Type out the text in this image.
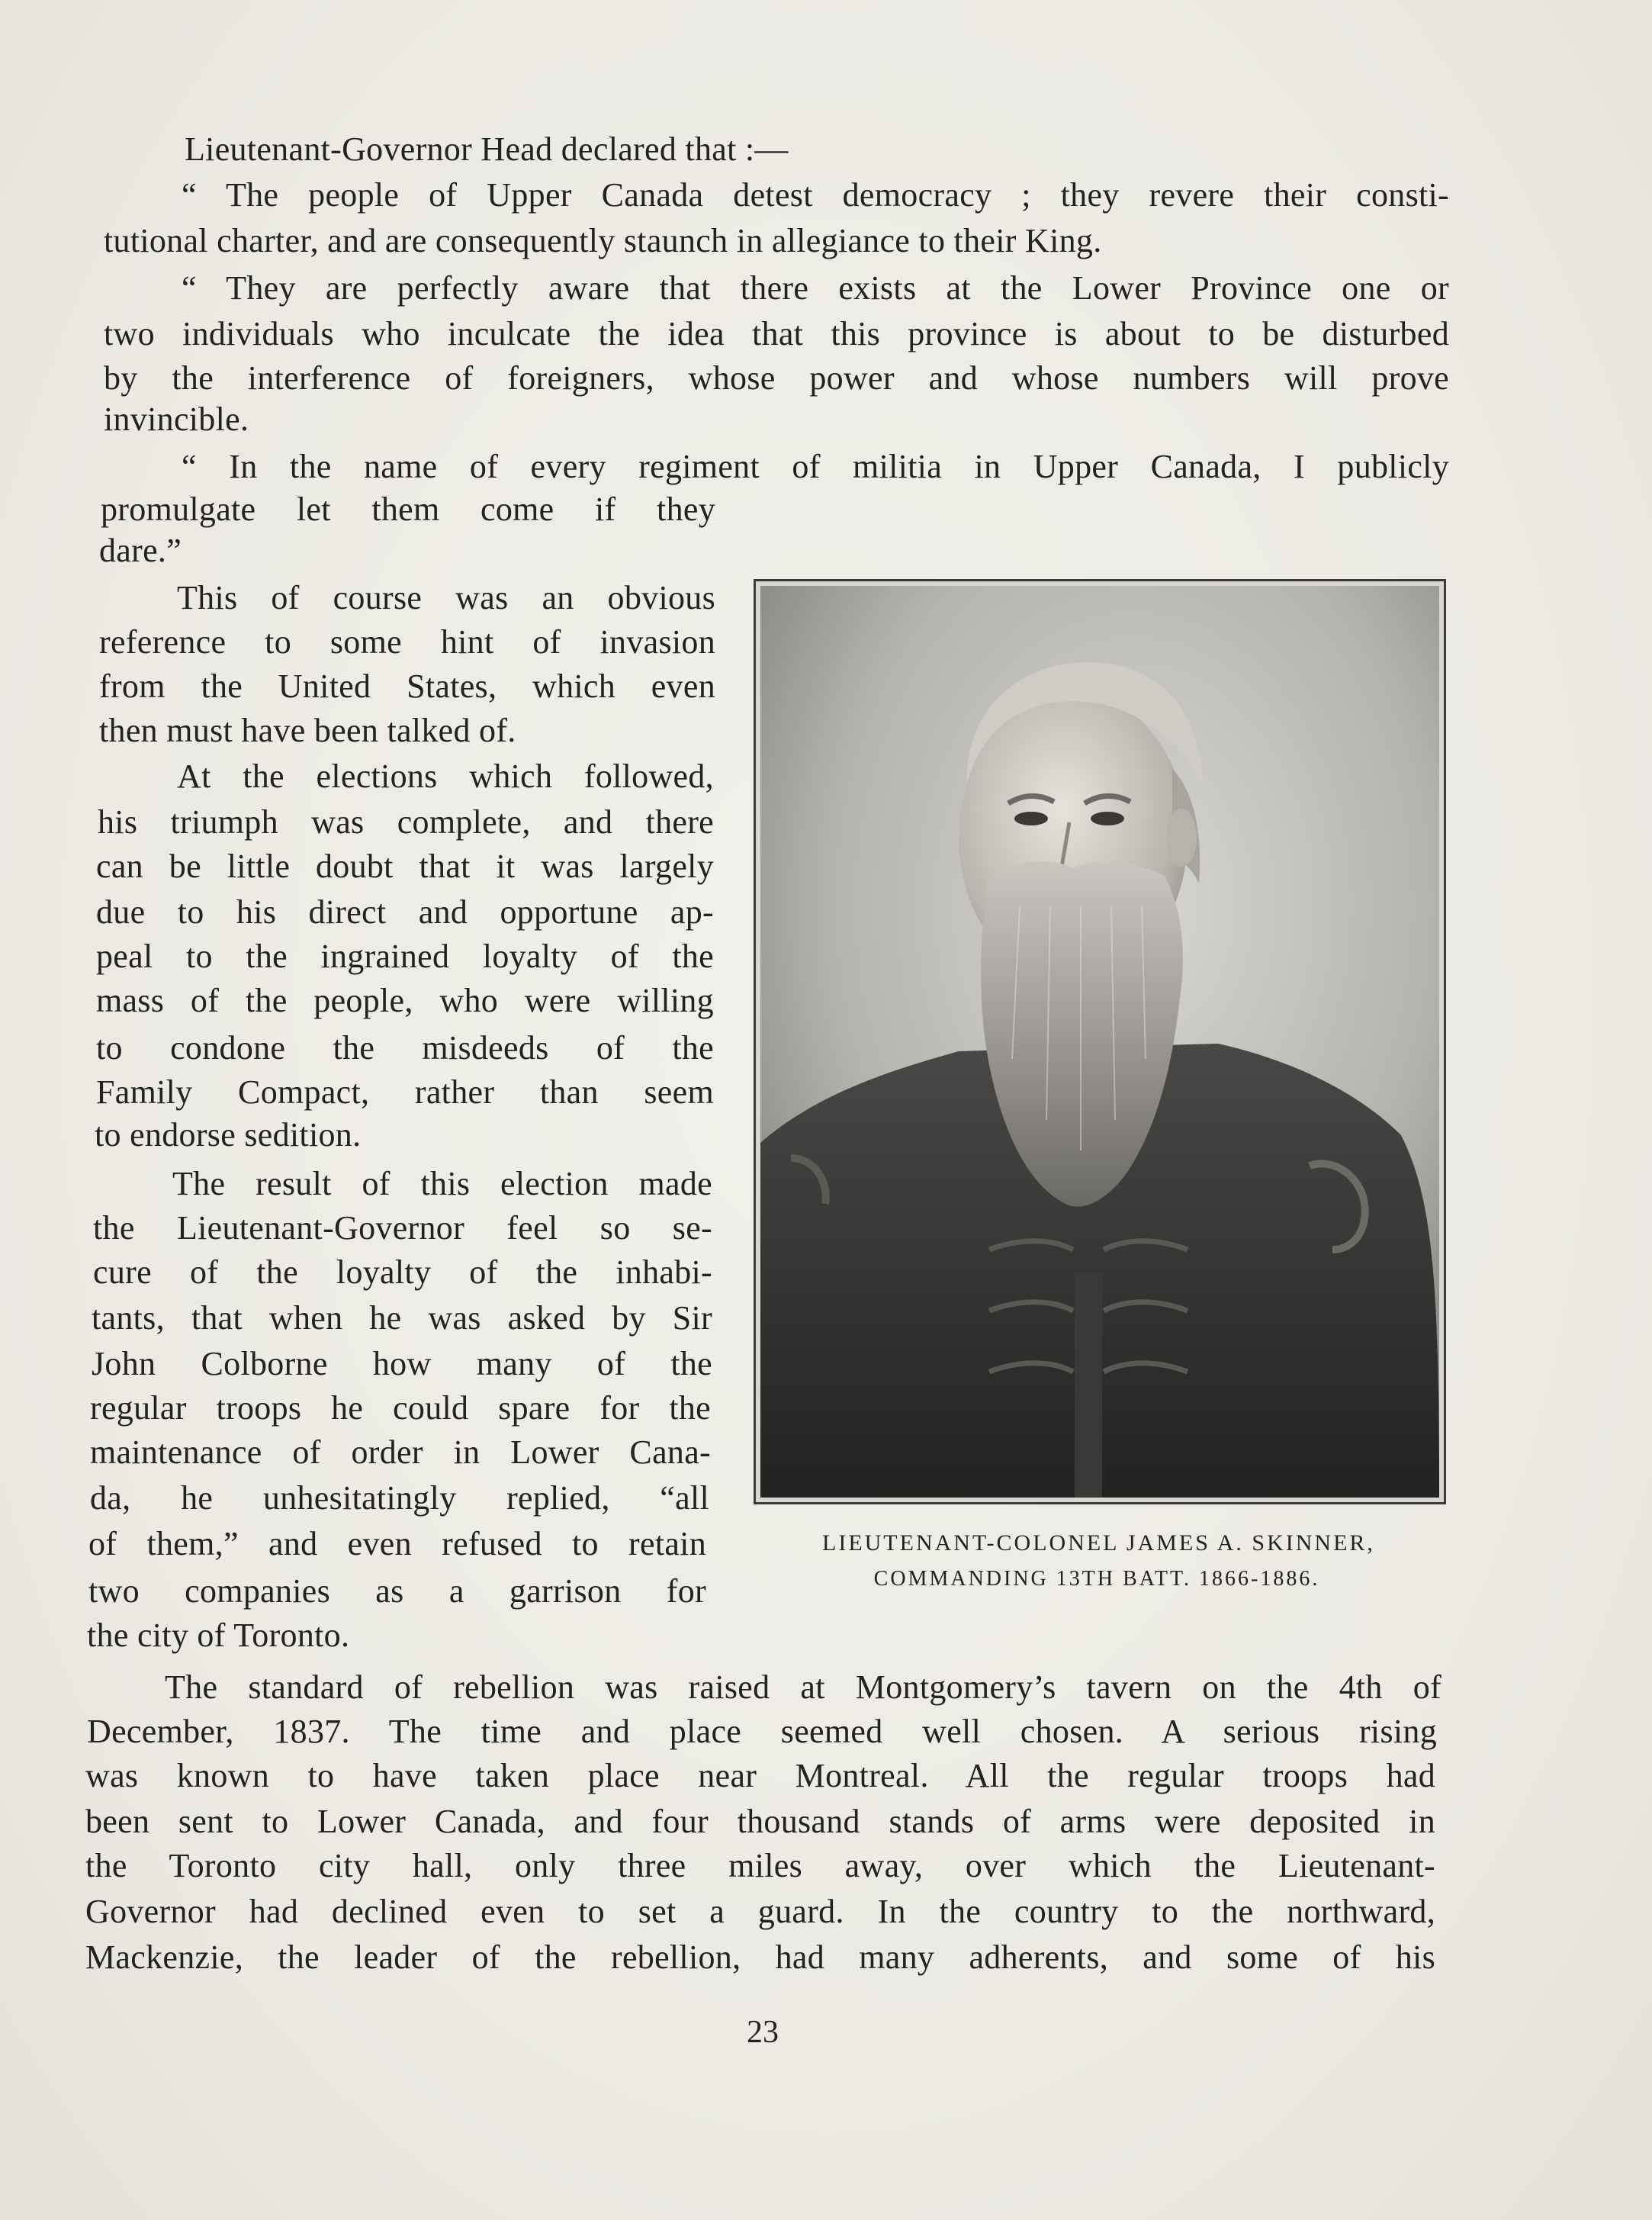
Lieutenant-Governor Head declared that :—
“ The people of Upper Canada detest democracy ; they revere their consti-
tutional charter, and are consequently staunch in allegiance to their King.
“ They are perfectly aware that there exists at the Lower Province one or
two individuals who inculcate the idea that this province is about to be disturbed
by the interference of foreigners, whose power and whose numbers will prove
invincible.
“ In the name of every regiment of militia in Upper Canada, I publicly
promulgate let them come if they
dare.”
This of course was an obvious
reference to some hint of invasion
from the United States, which even
then must have been talked of.
At the elections which followed,
his triumph was complete, and there
can be little doubt that it was largely
due to his direct and opportune ap-
peal to the ingrained loyalty of the
mass of the people, who were willing
to condone the misdeeds of the
Family Compact, rather than seem
to endorse sedition.
The result of this election made
the Lieutenant-Governor feel so se-
cure of the loyalty of the inhabi-
tants, that when he was asked by Sir
John Colborne how many of the
regular troops he could spare for the
maintenance of order in Lower Cana-
da, he unhesitatingly replied, “all
of them,” and even refused to retain
two companies as a garrison for
the city of Toronto.
LIEUTENANT-COLONEL JAMES A. SKINNER,
COMMANDING 13TH BATT. 1866-1886.
The standard of rebellion was raised at Montgomery’s tavern on the 4th of
December, 1837. The time and place seemed well chosen. A serious rising
was known to have taken place near Montreal. All the regular troops had
been sent to Lower Canada, and four thousand stands of arms were deposited in
the Toronto city hall, only three miles away, over which the Lieutenant-
Governor had declined even to set a guard. In the country to the northward,
Mackenzie, the leader of the rebellion, had many adherents, and some of his
23
